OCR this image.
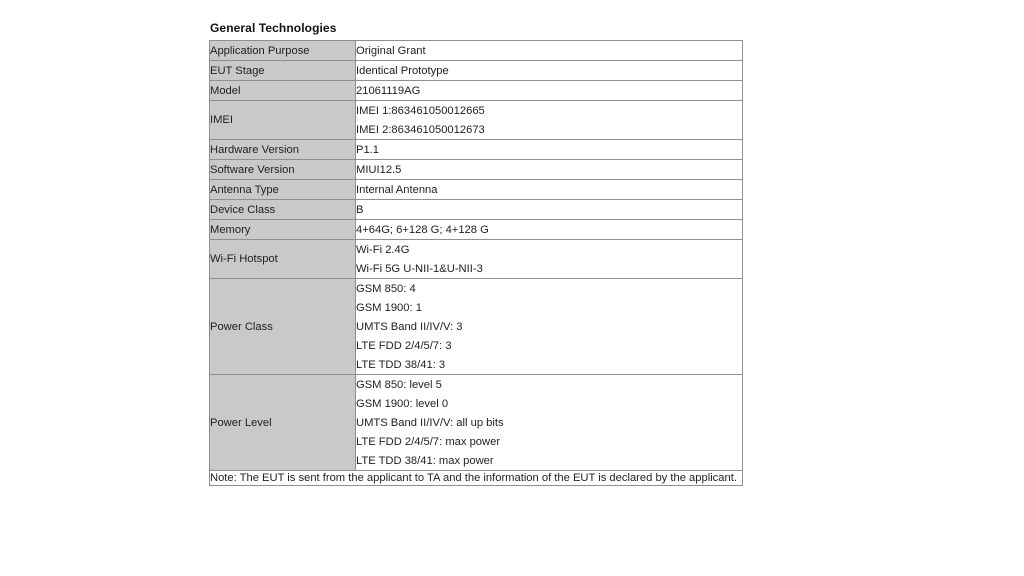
General Technologies
Application Purpose	Original Grant

EUT Stage	Identical Prototype

Model	21061119AG

IMEI	IMEI 1:863461050012665
IMEI 2:863461050012673

Hardware Version	P1.1

Software Version	MIUI12.5

Antenna Type	Internal Antenna

Device Class	B

Memory	4+64G; 6+128 G; 4+128 G

Wi-Fi Hotspot	Wi-Fi 2.4G
Wi-Fi 5G U-NII-1&U-NII-3

Power Class	GSM 850: 4
GSM 1900: 1
UMTS Band II/IV/V: 3
LTE FDD 2/4/5/7: 3
LTE TDD 38/41: 3

Power Level	GSM 850: level 5
GSM 1900: level 0
UMTS Band II/IV/V: all up bits
LTE FDD 2/4/5/7: max power
LTE TDD 38/41: max power

Note: The EUT is sent from the applicant to TA and the information of the EUT is declared by the applicant.	
